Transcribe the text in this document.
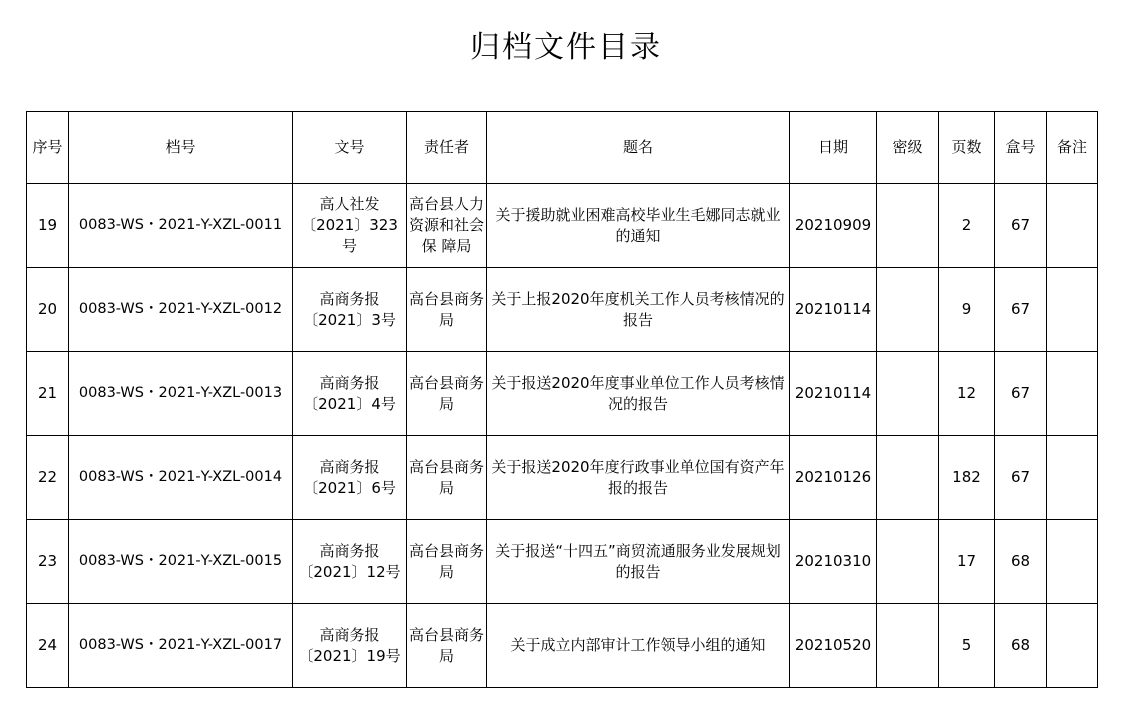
归档文件目录
序号	档号	文号	责任者	题名	日期	密级	页数	盒号	备注
19	0083-WS・2021-Y-XZL-0011	高人社发〔2021〕323号	高台县人力资源和社会保 障局	关于援助就业困难高校毕业生毛娜同志就业的通知	20210909		2	67	
20	0083-WS・2021-Y-XZL-0012	高商务报〔2021〕3号	高台县商务局	关于上报2020年度机关工作人员考核情况的报告	20210114		9	67	
21	0083-WS・2021-Y-XZL-0013	高商务报〔2021〕4号	高台县商务局	关于报送2020年度事业单位工作人员考核情况的报告	20210114		12	67	
22	0083-WS・2021-Y-XZL-0014	高商务报〔2021〕6号	高台县商务局	关于报送2020年度行政事业单位国有资产年报的报告	20210126		182	67	
23	0083-WS・2021-Y-XZL-0015	高商务报〔2021〕12号	高台县商务局	关于报送“十四五”商贸流通服务业发展规划的报告	20210310		17	68	
24	0083-WS・2021-Y-XZL-0017	高商务报〔2021〕19号	高台县商务局	关于成立内部审计工作领导小组的通知	20210520		5	68	
